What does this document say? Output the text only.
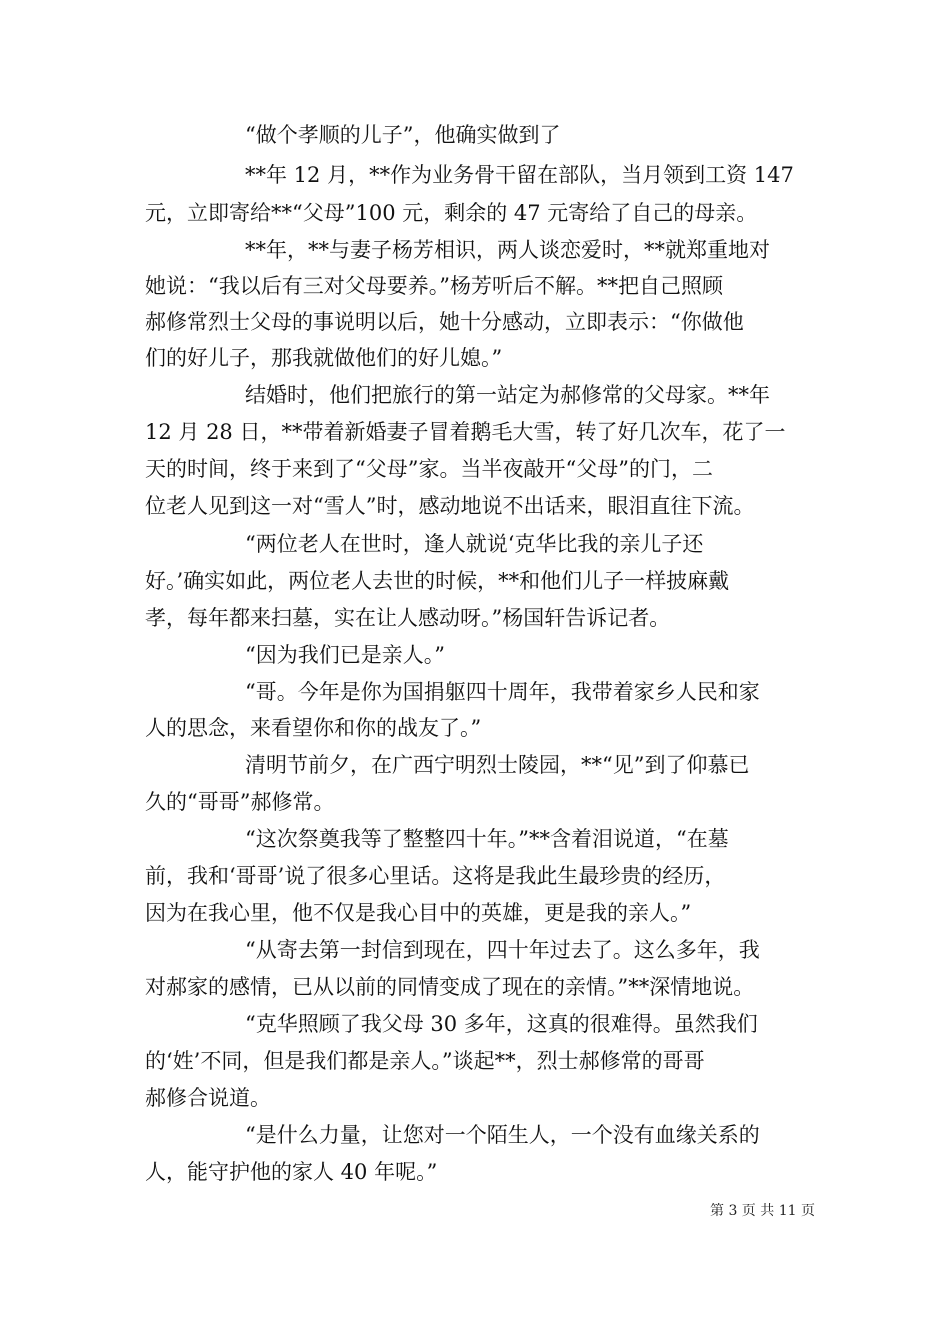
“做个孝顺的儿子”，他确实做到了
**年 12 月，**作为业务骨干留在部队，当月领到工资 147
元，立即寄给**“父母”100 元，剩余的 47 元寄给了自己的母亲。
**年，**与妻子杨芳相识，两人谈恋爱时，**就郑重地对
她说：“我以后有三对父母要养。”杨芳听后不解。**把自己照顾
郝修常烈士父母的事说明以后，她十分感动，立即表示：“你做他
们的好儿子，那我就做他们的好儿媳。”
结婚时，他们把旅行的第一站定为郝修常的父母家。**年
12 月 28 日，**带着新婚妻子冒着鹅毛大雪，转了好几次车，花了一
天的时间，终于来到了“父母”家。当半夜敲开“父母”的门，二
位老人见到这一对“雪人”时，感动地说不出话来，眼泪直往下流。
“两位老人在世时，逢人就说‘克华比我的亲儿子还
好。’确实如此，两位老人去世的时候，**和他们儿子一样披麻戴
孝，每年都来扫墓，实在让人感动呀。”杨国轩告诉记者。
“因为我们已是亲人。”
“哥。今年是你为国捐躯四十周年，我带着家乡人民和家
人的思念，来看望你和你的战友了。”
清明节前夕，在广西宁明烈士陵园，**“见”到了仰慕已
久的“哥哥”郝修常。
“这次祭奠我等了整整四十年。”**含着泪说道，“在墓
前，我和‘哥哥’说了很多心里话。这将是我此生最珍贵的经历，
因为在我心里，他不仅是我心目中的英雄，更是我的亲人。”
“从寄去第一封信到现在，四十年过去了。这么多年，我
对郝家的感情，已从以前的同情变成了现在的亲情。”**深情地说。
“克华照顾了我父母 30 多年，这真的很难得。虽然我们
的‘姓’不同，但是我们都是亲人。”谈起**，烈士郝修常的哥哥
郝修合说道。
“是什么力量，让您对一个陌生人，一个没有血缘关系的
人，能守护他的家人 40 年呢。”
第 3 页 共 11 页
